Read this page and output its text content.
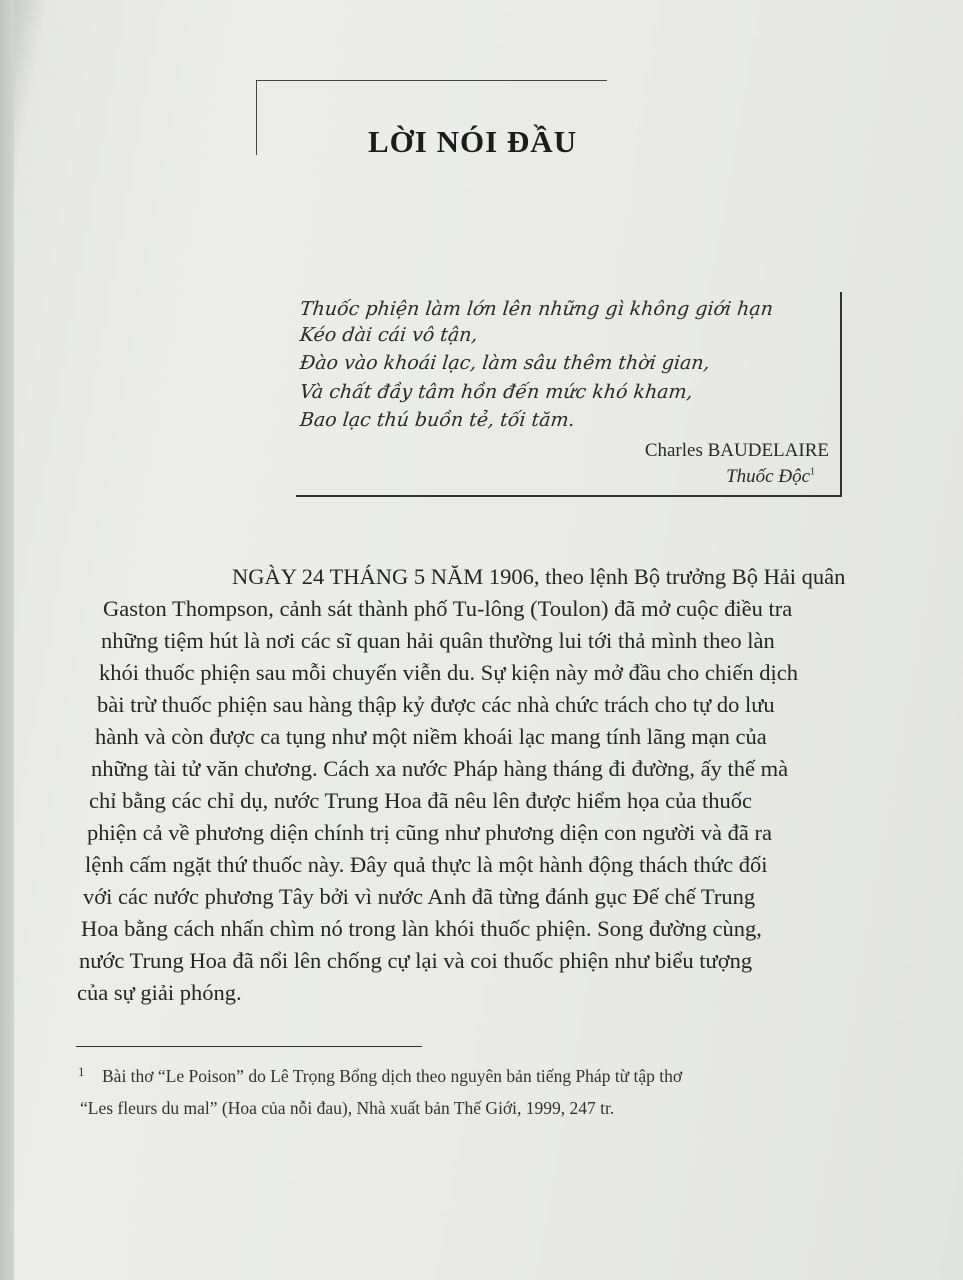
LỜI NÓI ĐẦU
Thuốc phiện làm lớn lên những gì không giới hạn
Kéo dài cái vô tận,
Đào vào khoái lạc, làm sâu thêm thời gian,
Và chất đầy tâm hồn đến mức khó kham,
Bao lạc thú buồn tẻ, tối tăm.
Charles BAUDELAIRE
Thuốc Độc$^1$
NGÀY 24 THÁNG 5 NĂM 1906, theo lệnh Bộ trưởng Bộ Hải quân
Gaston Thompson, cảnh sát thành phố Tu-lông (Toulon) đã mở cuộc điều tra
những tiệm hút là nơi các sĩ quan hải quân thường lui tới thả mình theo làn
khói thuốc phiện sau mỗi chuyến viễn du. Sự kiện này mở đầu cho chiến dịch
bài trừ thuốc phiện sau hàng thập kỷ được các nhà chức trách cho tự do lưu
hành và còn được ca tụng như một niềm khoái lạc mang tính lãng mạn của
những tài tử văn chương. Cách xa nước Pháp hàng tháng đi đường, ấy thế mà
chỉ bằng các chỉ dụ, nước Trung Hoa đã nêu lên được hiểm họa của thuốc
phiện cả về phương diện chính trị cũng như phương diện con người và đã ra
lệnh cấm ngặt thứ thuốc này. Đây quả thực là một hành động thách thức đối
với các nước phương Tây bởi vì nước Anh đã từng đánh gục Đế chế Trung
Hoa bằng cách nhấn chìm nó trong làn khói thuốc phiện. Song đường cùng,
nước Trung Hoa đã nổi lên chống cự lại và coi thuốc phiện như biểu tượng
của sự giải phóng.
1 Bài thơ “Le Poison” do Lê Trọng Bổng dịch theo nguyên bản tiếng Pháp từ tập thơ
“Les fleurs du mal” (Hoa của nỗi đau), Nhà xuất bản Thế Giới, 1999, 247 tr.
